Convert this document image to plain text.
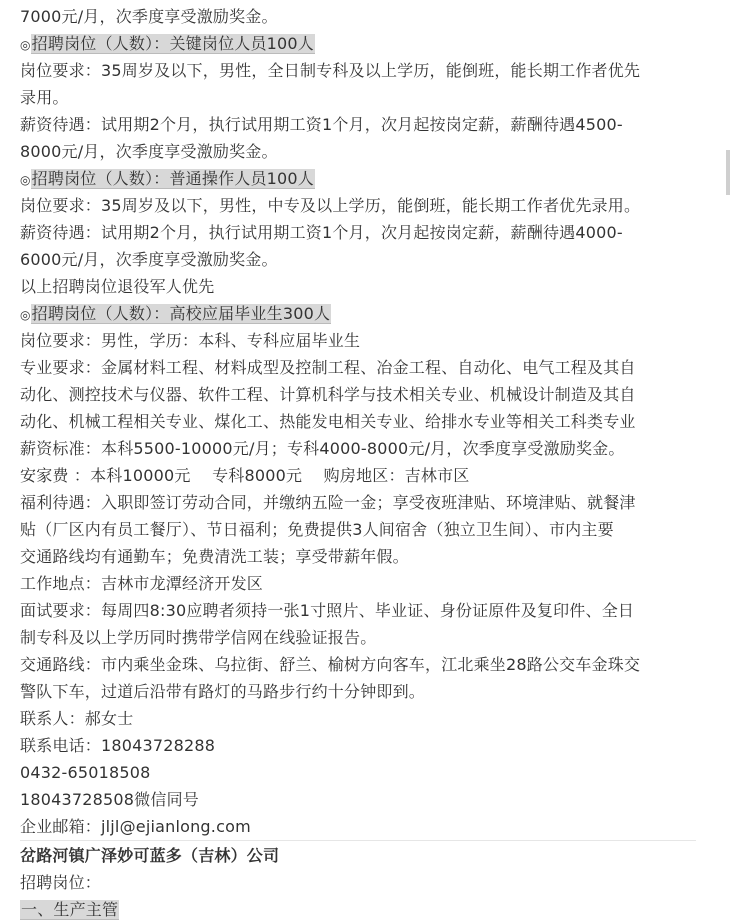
7000元/月，次季度享受激励奖金。
◎招聘岗位（人数）：关键岗位人员100人
岗位要求：35周岁及以下，男性，全日制专科及以上学历，能倒班，能长期工作者优先
录用。
薪资待遇：试用期2个月，执行试用期工资1个月，次月起按岗定薪，薪酬待遇4500-
8000元/月，次季度享受激励奖金。
◎招聘岗位（人数）：普通操作人员100人
岗位要求：35周岁及以下，男性，中专及以上学历，能倒班，能长期工作者优先录用。
薪资待遇：试用期2个月，执行试用期工资1个月，次月起按岗定薪，薪酬待遇4000-
6000元/月，次季度享受激励奖金。
以上招聘岗位退役军人优先
◎招聘岗位（人数）：高校应届毕业生300人
岗位要求：男性，学历：本科、专科应届毕业生
专业要求：金属材料工程、材料成型及控制工程、冶金工程、自动化、电气工程及其自
动化、测控技术与仪器、软件工程、计算机科学与技术相关专业、机械设计制造及其自
动化、机械工程相关专业、煤化工、热能发电相关专业、给排水专业等相关工科类专业
薪资标准：本科5500-10000元/月；专科4000-8000元/月，次季度享受激励奖金。
安家费 ：本科10000元　 专科8000元　 购房地区：吉林市区
福利待遇：入职即签订劳动合同，并缴纳五险一金；享受夜班津贴、环境津贴、就餐津
贴（厂区内有员工餐厅）、节日福利；免费提供3人间宿舍（独立卫生间）、市内主要
交通路线均有通勤车；免费清洗工装；享受带薪年假。
工作地点：吉林市龙潭经济开发区
面试要求：每周四8:30应聘者须持一张1寸照片、毕业证、身份证原件及复印件、全日
制专科及以上学历同时携带学信网在线验证报告。
交通路线：市内乘坐金珠、乌拉街、舒兰、榆树方向客车，江北乘坐28路公交车金珠交
警队下车，过道后沿带有路灯的马路步行约十分钟即到。
联系人：郝女士
联系电话：18043728288
0432-65018508
18043728508微信同号
企业邮箱：jljl@ejianlong.com
岔路河镇广泽妙可蓝多（吉林）公司
招聘岗位：
一、生产主管
